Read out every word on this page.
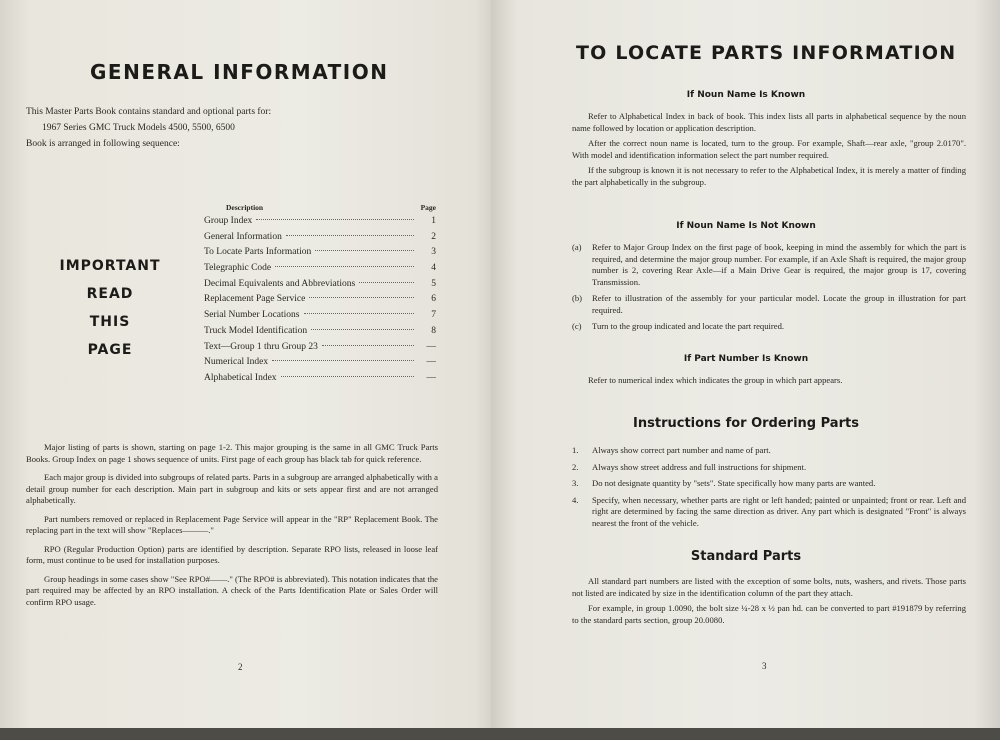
GENERAL INFORMATION
This Master Parts Book contains standard and optional parts for:
1967 Series GMC Truck Models 4500, 5500, 6500
Book is arranged in following sequence:
IMPORTANT
READ
THIS
PAGE
Description	Page
Group Index	1
General Information	2
To Locate Parts Information	3
Telegraphic Code	4
Decimal Equivalents and Abbreviations	5
Replacement Page Service	6
Serial Number Locations	7
Truck Model Identification	8
Text—Group 1 thru Group 23	—
Numerical Index	—
Alphabetical Index	—

Major listing of parts is shown, starting on page 1-2. This major grouping is the same in all GMC Truck Parts Books. Group Index on page 1 shows sequence of units. First page of each group has black tab for quick reference.

Each major group is divided into subgroups of related parts. Parts in a subgroup are arranged alphabetically with a detail group number for each description. Main part in subgroup and kits or sets appear first and are not arranged alphabetically.

Part numbers removed or replaced in Replacement Page Service will appear in the "RP" Replacement Book. The replacing part in the text will show "Replaces———."

RPO (Regular Production Option) parts are identified by description. Separate RPO lists, released in loose leaf form, must continue to be used for installation purposes.

Group headings in some cases show "See RPO#——." (The RPO# is abbreviated). This notation indicates that the part required may be affected by an RPO installation. A check of the Parts Identification Plate or Sales Order will confirm RPO usage.

2
TO LOCATE PARTS INFORMATION
If Noun Name Is Known

Refer to Alphabetical Index in back of book. This index lists all parts in alphabetical sequence by the noun name followed by location or application description.

After the correct noun name is located, turn to the group. For example, Shaft—rear axle, "group 2.0170". With model and identification information select the part number required.

If the subgroup is known it is not necessary to refer to the Alphabetical Index, it is merely a matter of finding the part alphabetically in the subgroup.

If Noun Name Is Not Known
(a)	Refer to Major Group Index on the first page of book, keeping in mind the assembly for which the part is required, and determine the major group number. For example, if an Axle Shaft is required, the major group number is 2, covering Rear Axle—if a Main Drive Gear is required, the major group is 17, covering Transmission.
(b)	Refer to illustration of the assembly for your particular model. Locate the group in illustration for part required.
(c)	Turn to the group indicated and locate the part required.
If Part Number Is Known

Refer to numerical index which indicates the group in which part appears.

Instructions for Ordering Parts
1.	Always show correct part number and name of part.
2.	Always show street address and full instructions for shipment.
3.	Do not designate quantity by "sets". State specifically how many parts are wanted.
4.	Specify, when necessary, whether parts are right or left handed; painted or unpainted; front or rear. Left and right are determined by facing the same direction as driver. Any part which is designated "Front" is always nearest the front of the vehicle.
Standard Parts

All standard part numbers are listed with the exception of some bolts, nuts, washers, and rivets. Those parts not listed are indicated by size in the identification column of the part they attach.

For example, in group 1.0090, the bolt size ¼-28 x ½ pan hd. can be converted to part #191879 by referring to the standard parts section, group 20.0080.

3
